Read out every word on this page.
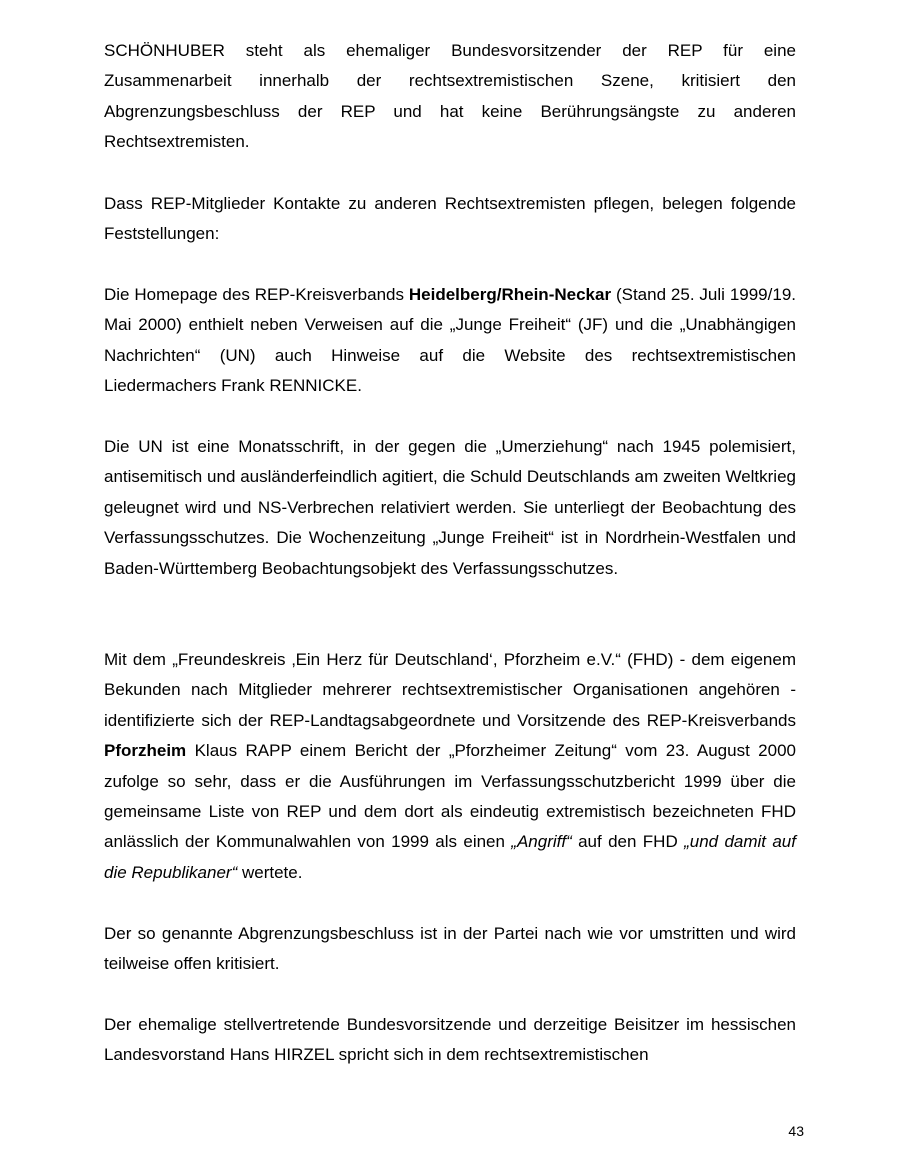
SCHÖNHUBER steht als ehemaliger Bundesvorsitzender der REP für eine Zusammenarbeit innerhalb der rechtsextremistischen Szene, kritisiert den Abgrenzungsbeschluss der REP und hat keine Berührungsängste zu anderen Rechtsextremisten.

Dass REP-Mitglieder Kontakte zu anderen Rechtsextremisten pflegen, belegen folgende Feststellungen:

Die Homepage des REP-Kreisverbands Heidelberg/Rhein-Neckar (Stand 25. Juli 1999/19. Mai 2000) enthielt neben Verweisen auf die „Junge Freiheit“ (JF) und die „Unabhängigen Nachrichten“ (UN) auch Hinweise auf die Website des rechtsextremistischen Liedermachers Frank RENNICKE.

Die UN ist eine Monatsschrift, in der gegen die „Umerziehung“ nach 1945 polemisiert, antisemitisch und ausländerfeindlich agitiert, die Schuld Deutschlands am zweiten Weltkrieg geleugnet wird und NS-Verbrechen relativiert werden. Sie unterliegt der Beobachtung des Verfassungsschutzes. Die Wochenzeitung „Junge Freiheit“ ist in Nordrhein-Westfalen und Baden-Württemberg Beobachtungsobjekt des Verfassungsschutzes.

Mit dem „Freundeskreis ‚Ein Herz für Deutschland‘, Pforzheim e.V.“ (FHD) - dem eigenem Bekunden nach Mitglieder mehrerer rechtsextremistischer Organisationen angehören - identifizierte sich der REP-Landtagsabgeordnete und Vorsitzende des REP-Kreisverbands Pforzheim Klaus RAPP einem Bericht der „Pforzheimer Zeitung“ vom 23. August 2000 zufolge so sehr, dass er die Ausführungen im Verfassungsschutzbericht 1999 über die gemeinsame Liste von REP und dem dort als eindeutig extremistisch bezeichneten FHD anlässlich der Kommunalwahlen von 1999 als einen „Angriff“ auf den FHD „und damit auf die Republikaner“ wertete.

Der so genannte Abgrenzungsbeschluss ist in der Partei nach wie vor umstritten und wird teilweise offen kritisiert.

Der ehemalige stellvertretende Bundesvorsitzende und derzeitige Beisitzer im hessischen Landesvorstand Hans HIRZEL spricht sich in dem rechtsextremistischen

43
